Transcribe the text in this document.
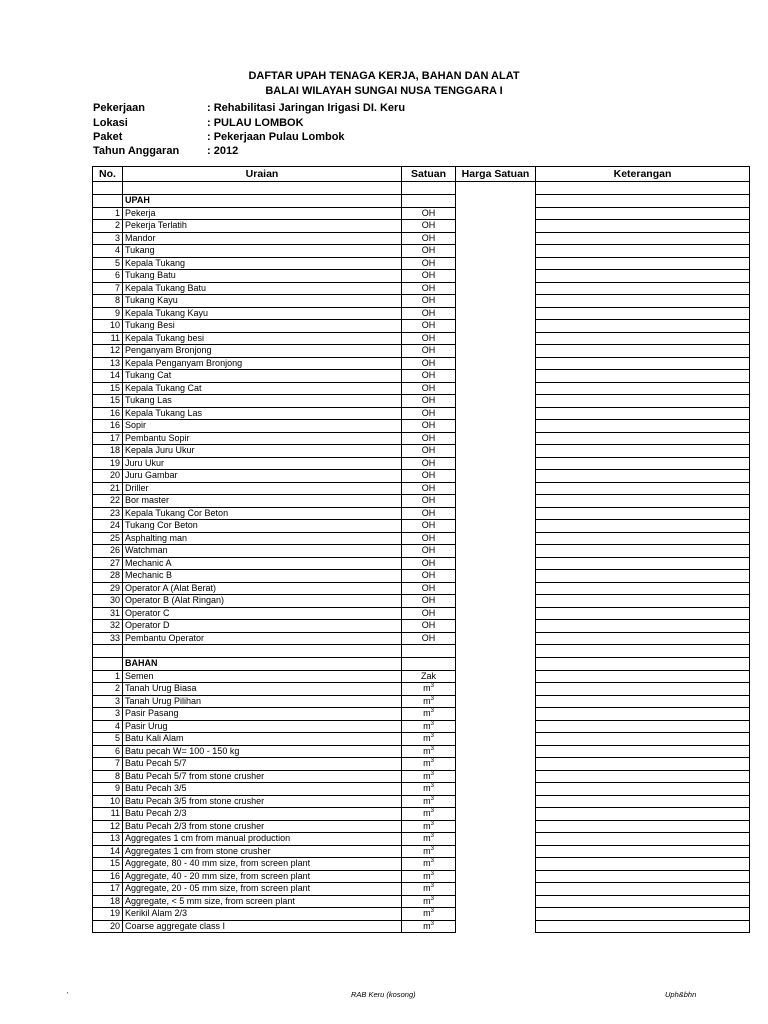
DAFTAR UPAH TENAGA KERJA, BAHAN DAN ALAT
BALAI WILAYAH SUNGAI NUSA TENGGARA I
Pekerjaan	: Rehabilitasi Jaringan Irigasi DI. Keru
Lokasi	: PULAU LOMBOK
Paket	: Pekerjaan Pulau Lombok
Tahun Anggaran	: 2012
No.	Uraian	Satuan	Harga Satuan	Keterangan

	UPAH			
1	Pekerja	OH		
2	Pekerja Terlatih	OH		
3	Mandor	OH		
4	Tukang	OH		
5	Kepala Tukang	OH		
6	Tukang Batu	OH		
7	Kepala Tukang Batu	OH		
8	Tukang Kayu	OH		
9	Kepala Tukang Kayu	OH		
10	Tukang Besi	OH		
11	Kepala Tukang besi	OH		
12	Penganyam Bronjong	OH		
13	Kepala Penganyam Bronjong	OH		
14	Tukang Cat	OH		
15	Kepala Tukang Cat	OH		
15	Tukang Las	OH		
16	Kepala Tukang Las	OH		
16	Sopir	OH		
17	Pembantu Sopir	OH		
18	Kepala Juru Ukur	OH		
19	Juru Ukur	OH		
20	Juru Gambar	OH		
21	Driller	OH		
22	Bor master	OH		
23	Kepala Tukang Cor Beton	OH		
24	Tukang Cor Beton	OH		
25	Asphalting man	OH		
26	Watchman	OH		
27	Mechanic A	OH		
28	Mechanic B	OH		
29	Operator A (Alat Berat)	OH		
30	Operator B (Alat Ringan)	OH		
31	Operator C	OH		
32	Operator D	OH		
33	Pembantu Operator	OH		

	BAHAN			
1	Semen	Zak		
2	Tanah Urug Biasa	$m^3$		
3	Tanah Urug Pilihan	$m^3$		
3	Pasir Pasang	$m^3$		
4	Pasir Urug	$m^3$		
5	Batu Kali Alam	$m^3$		
6	Batu pecah W= 100 - 150 kg	$m^3$		
7	Batu Pecah 5/7	$m^3$		
8	Batu Pecah 5/7 from stone crusher	$m^3$		
9	Batu Pecah 3/5	$m^3$		
10	Batu Pecah 3/5 from stone crusher	$m^3$		
11	Batu Pecah 2/3	$m^3$		
12	Batu Pecah 2/3 from stone crusher	$m^3$		
13	Aggregates 1 cm from manual production	$m^3$		
14	Aggregates 1 cm from stone crusher	$m^3$		
15	Aggregate, 80 - 40 mm size, from screen plant	$m^3$		
16	Aggregate, 40 - 20 mm size, from screen plant	$m^3$		
17	Aggregate, 20 - 05 mm size, from screen plant	$m^3$		
18	Aggregate, < 5 mm size, from screen plant	$m^3$		
19	Kerikil Alam 2/3	$m^3$		
20	Coarse aggregate class I	$m^3$		
’	RAB Keru (kosong)	Uph&bhn
